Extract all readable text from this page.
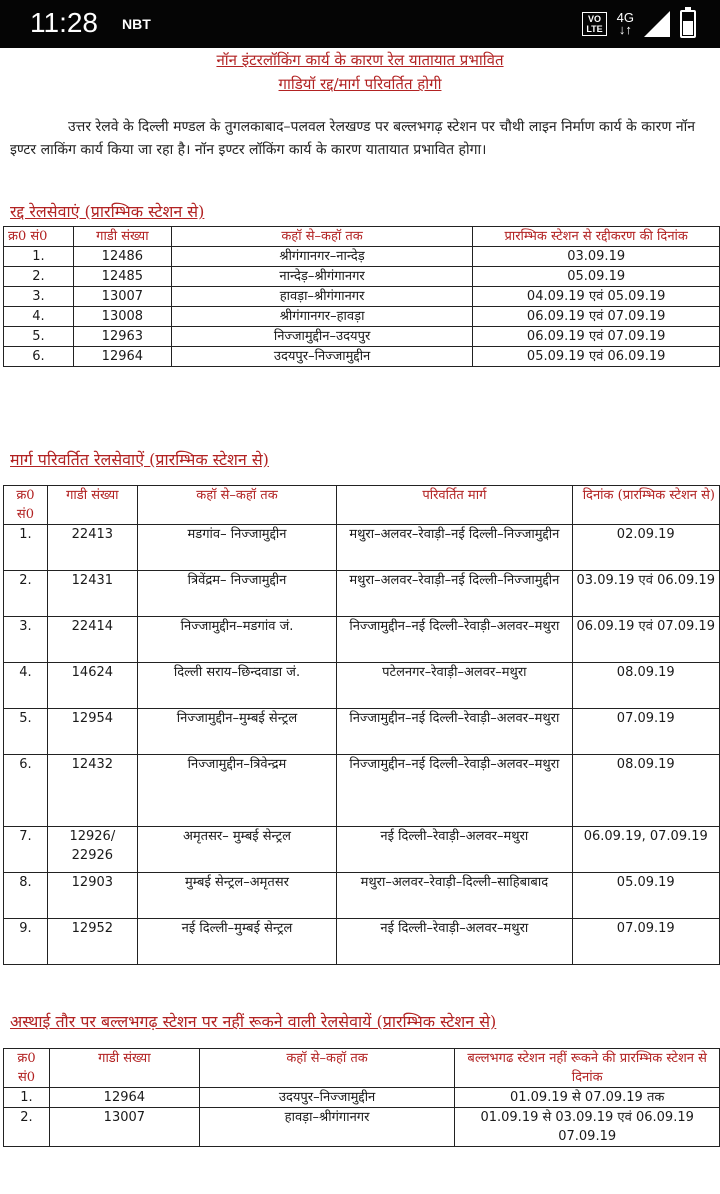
11:28 NBT	VO
LTE
4G
↓↑
नॉन इंटरलॉकिंग कार्य के कारण रेल यातायात प्रभावित
गाडियॉ रद्द/मार्ग परिवर्तित होगी
उत्तर रेलवे के दिल्ली मण्डल के तुगलकाबाद–पलवल रेलखण्ड पर बल्लभगढ़ स्टेशन पर चौथी लाइन निर्माण कार्य के कारण नॉन इण्टर लाकिंग कार्य किया जा रहा है। नॉन इण्टर लॉकिंग कार्य के कारण यातायात प्रभावित होगा।
रद्द रेलसेवाएं (प्रारम्भिक स्टेशन से)
क्र0 सं0	गाडी संख्या	कहॉ से–कहॉ तक	प्रारम्भिक स्टेशन से रद्दीकरण की दिनांक
1.	12486	श्रीगंगानगर–नान्देड़	03.09.19
2.	12485	नान्देड़–श्रीगंगानगर	05.09.19
3.	13007	हावड़ा–श्रीगंगानगर	04.09.19 एवं 05.09.19
4.	13008	श्रीगंगानगर–हावड़ा	06.09.19 एवं 07.09.19
5.	12963	निज्जामुद्दीन–उदयपुर	06.09.19 एवं 07.09.19
6.	12964	उदयपुर–निज्जामुद्दीन	05.09.19 एवं 06.09.19
मार्ग परिवर्तित रेलसेवाऐं (प्रारम्भिक स्टेशन से)
क्र0 सं0	गाडी संख्या	कहॉ से–कहॉ तक	परिवर्तित मार्ग	दिनांक (प्रारम्भिक स्टेशन से)
1.	22413	मडगांव– निज्जामुद्दीन	मथुरा–अलवर–रेवाड़ी–नई दिल्ली–निज्जामुद्दीन	02.09.19
2.	12431	त्रिवेंद्रम– निज्जामुद्दीन	मथुरा–अलवर–रेवाड़ी–नई दिल्ली–निज्जामुद्दीन	03.09.19 एवं 06.09.19
3.	22414	निज्जामुद्दीन–मडगांव जं.	निज्जामुद्दीन–नई दिल्ली–रेवाड़ी–अलवर–मथुरा	06.09.19 एवं 07.09.19
4.	14624	दिल्ली सराय–छिन्दवाडा जं.	पटेलनगर–रेवाड़ी–अलवर–मथुरा	08.09.19
5.	12954	निज्जामुद्दीन–मुम्बई सेन्ट्रल	निज्जामुद्दीन–नई दिल्ली–रेवाड़ी–अलवर–मथुरा	07.09.19
6.	12432	निज्जामुद्दीन–त्रिवेन्द्रम	निज्जामुद्दीन–नई दिल्ली–रेवाड़ी–अलवर–मथुरा	08.09.19
7.	12926/ 22926	अमृतसर– मुम्बई सेन्ट्रल	नई दिल्ली–रेवाड़ी–अलवर–मथुरा	06.09.19, 07.09.19
8.	12903	मुम्बई सेन्ट्रल–अमृतसर	मथुरा–अलवर–रेवाड़ी–दिल्ली–साहिबाबाद	05.09.19
9.	12952	नई दिल्ली–मुम्बई सेन्ट्रल	नई दिल्ली–रेवाड़ी–अलवर–मथुरा	07.09.19
अस्थाई तौर पर बल्लभगढ़ स्टेशन पर नहीं रूकने वाली रेलसेवायें (प्रारम्भिक स्टेशन से)
क्र0 सं0	गाडी संख्या	कहॉ से–कहॉ तक	बल्लभगढ स्टेशन नहीं रूकने की प्रारम्भिक स्टेशन से दिनांक
1.	12964	उदयपुर–निज्जामुद्दीन	01.09.19 से 07.09.19 तक
2.	13007	हावड़ा–श्रीगंगानगर	01.09.19 से 03.09.19 एवं 06.09.19 07.09.19
